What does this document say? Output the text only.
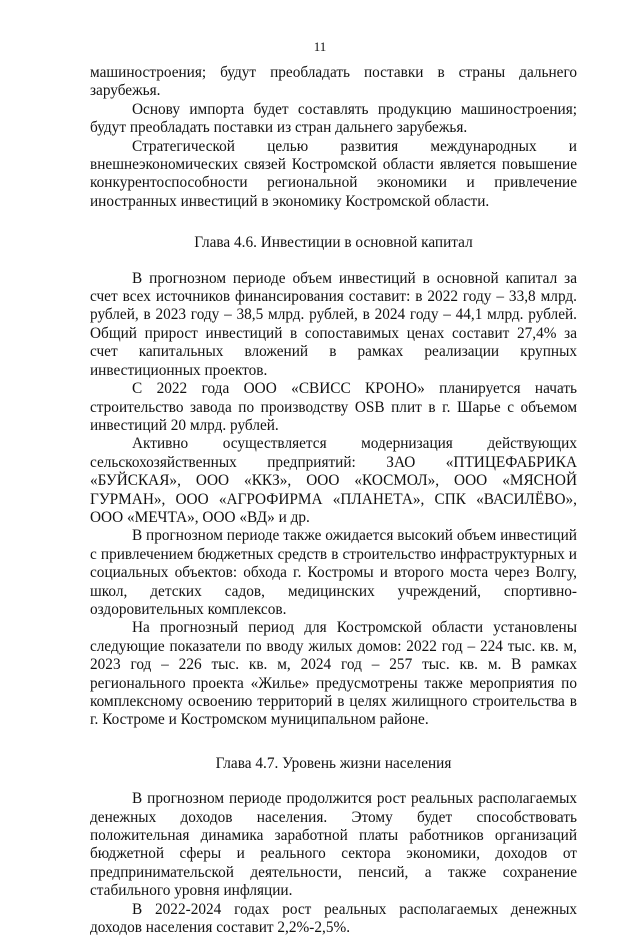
11

машиностроения; будут преобладать поставки в страны дальнего зарубежья.

Основу импорта будет составлять продукцию машиностроения; будут преобладать поставки из стран дальнего зарубежья.

Стратегической целью развития международных и внешнеэкономических связей Костромской области является повышение конкурентоспособности региональной экономики и привлечение иностранных инвестиций в экономику Костромской области.

Глава 4.6. Инвестиции в основной капитал

В прогнозном периоде объем инвестиций в основной капитал за счет всех источников финансирования составит: в 2022 году – 33,8 млрд. рублей, в 2023 году – 38,5 млрд. рублей, в 2024 году – 44,1 млрд. рублей. Общий прирост инвестиций в сопоставимых ценах составит 27,4% за счет капитальных вложений в рамках реализации крупных инвестиционных проектов.

С 2022 года ООО «СВИСС КРОНО» планируется начать строительство завода по производству OSB плит в г. Шарье с объемом инвестиций 20 млрд. рублей.

Активно осуществляется модернизация действующих сельскохозяйственных предприятий: ЗАО «ПТИЦЕФАБРИКА «БУЙСКАЯ», ООО «ККЗ», ООО «КОСМОЛ», ООО «МЯСНОЙ ГУРМАН», ООО «АГРОФИРМА «ПЛАНЕТА», СПК «ВАСИЛЁВО», ООО «МЕЧТА», ООО «ВД» и др.

В прогнозном периоде также ожидается высокий объем инвестиций с привлечением бюджетных средств в строительство инфраструктурных и социальных объектов: обхода г. Костромы и второго моста через Волгу, школ, детских садов, медицинских учреждений, спортивно-оздоровительных комплексов.

На прогнозный период для Костромской области установлены следующие показатели по вводу жилых домов: 2022 год – 224 тыс. кв. м, 2023 год – 226 тыс. кв. м, 2024 год – 257 тыс. кв. м. В рамках регионального проекта «Жилье» предусмотрены также мероприятия по комплексному освоению территорий в целях жилищного строительства в г. Костроме и Костромском муниципальном районе.

Глава 4.7. Уровень жизни населения

В прогнозном периоде продолжится рост реальных располагаемых денежных доходов населения. Этому будет способствовать положительная динамика заработной платы работников организаций бюджетной сферы и реального сектора экономики, доходов от предпринимательской деятельности, пенсий, а также сохранение стабильного уровня инфляции.

В 2022-2024 годах рост реальных располагаемых денежных доходов населения составит 2,2%-2,5%.
